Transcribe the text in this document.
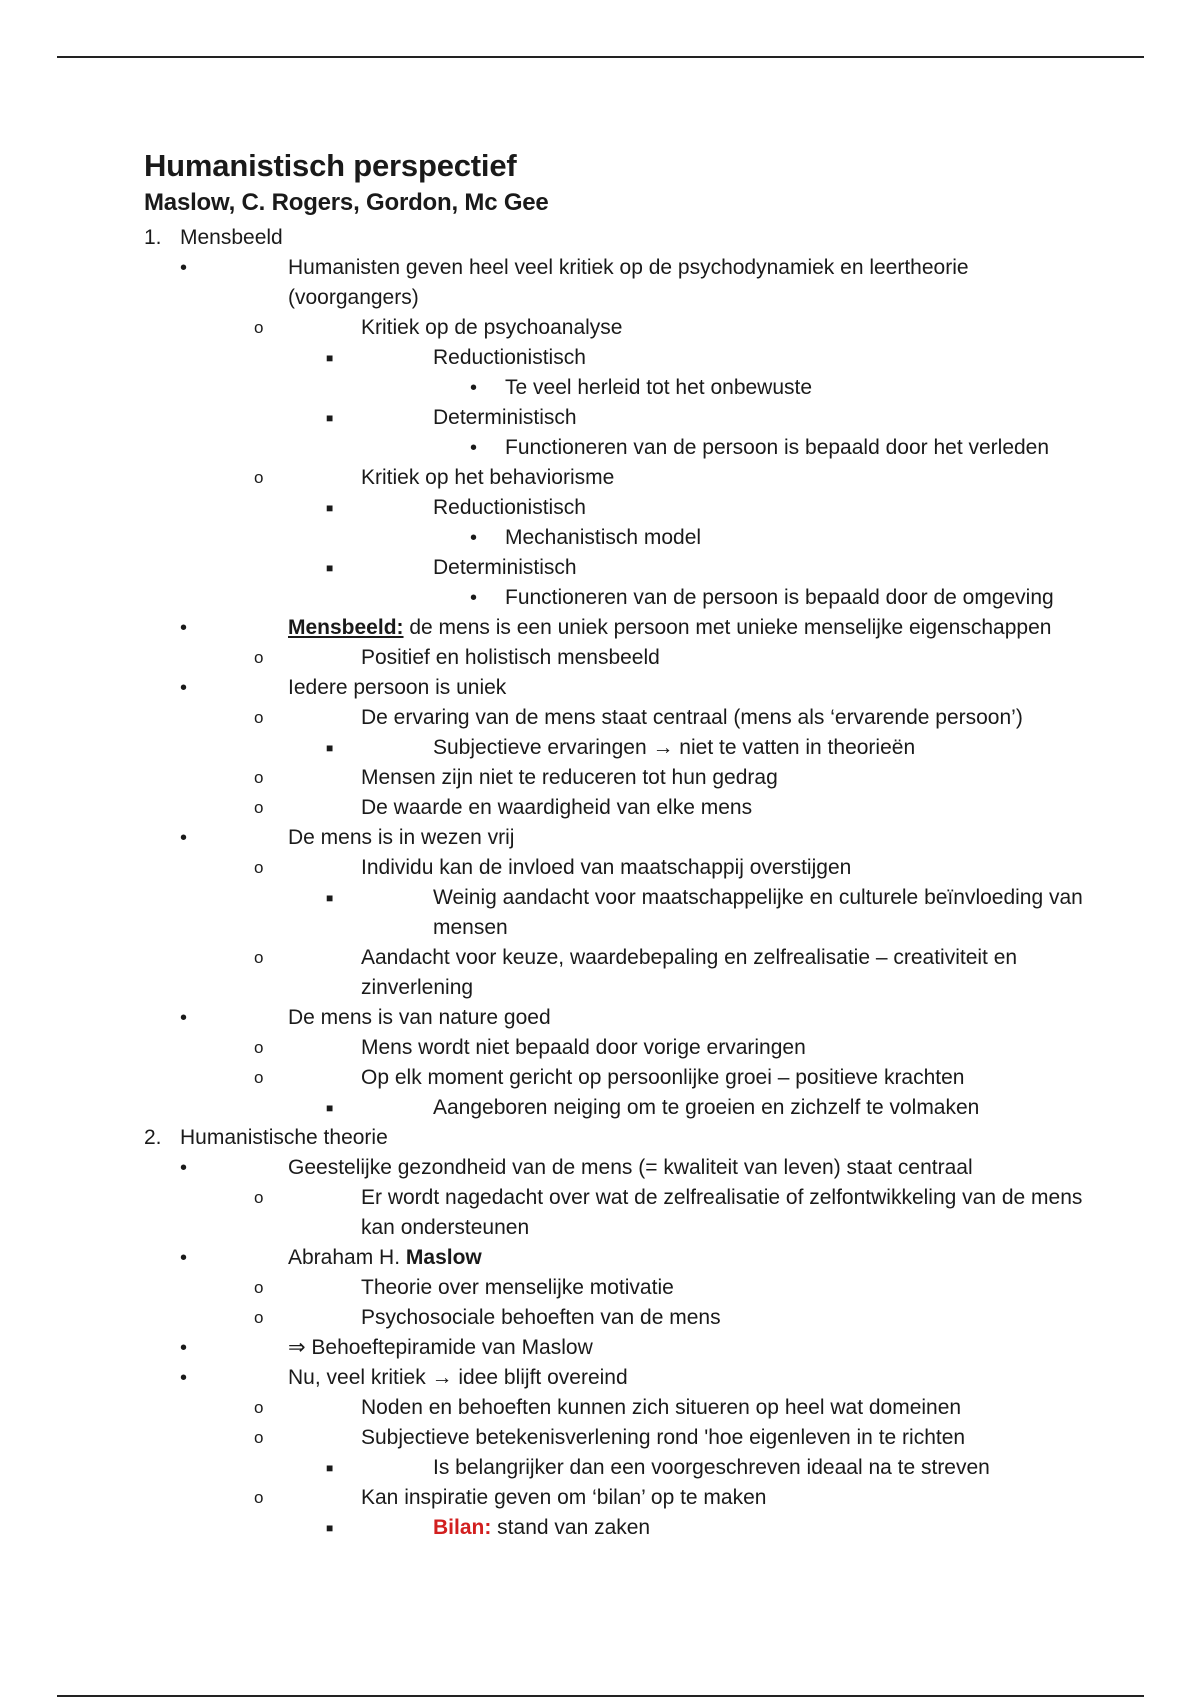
Humanistisch perspectief
Maslow, C. Rogers, Gordon, Mc Gee
1. Mensbeeld
•	Humanisten geven heel veel kritiek op de psychodynamiek en leertheorie
(voorgangers)
o	Kritiek op de psychoanalyse
■	Reductionistisch
• Te veel herleid tot het onbewuste
■	Deterministisch
• Functioneren van de persoon is bepaald door het verleden
o	Kritiek op het behaviorisme
■	Reductionistisch
• Mechanistisch model
■	Deterministisch
• Functioneren van de persoon is bepaald door de omgeving
•	Mensbeeld: de mens is een uniek persoon met unieke menselijke eigenschappen
o	Positief en holistisch mensbeeld
•	Iedere persoon is uniek
o	De ervaring van de mens staat centraal (mens als ‘ervarende persoon’)
■	Subjectieve ervaringen → niet te vatten in theorieën
o	Mensen zijn niet te reduceren tot hun gedrag
o	De waarde en waardigheid van elke mens
•	De mens is in wezen vrij
o	Individu kan de invloed van maatschappij overstijgen
■	Weinig aandacht voor maatschappelijke en culturele beïnvloeding van
mensen
o	Aandacht voor keuze, waardebepaling en zelfrealisatie – creativiteit en
zinverlening
•	De mens is van nature goed
o	Mens wordt niet bepaald door vorige ervaringen
o	Op elk moment gericht op persoonlijke groei – positieve krachten
■	Aangeboren neiging om te groeien en zichzelf te volmaken
2. Humanistische theorie
•	Geestelijke gezondheid van de mens (= kwaliteit van leven) staat centraal
o	Er wordt nagedacht over wat de zelfrealisatie of zelfontwikkeling van de mens
kan ondersteunen
•	Abraham H. Maslow
o	Theorie over menselijke motivatie
o	Psychosociale behoeften van de mens
•	⇒ Behoeftepiramide van Maslow
•	Nu, veel kritiek → idee blijft overeind
o	Noden en behoeften kunnen zich situeren op heel wat domeinen
o	Subjectieve betekenisverlening rond 'hoe eigenleven in te richten
■	Is belangrijker dan een voorgeschreven ideaal na te streven
o	Kan inspiratie geven om ‘bilan’ op te maken
■	Bilan: stand van zaken
